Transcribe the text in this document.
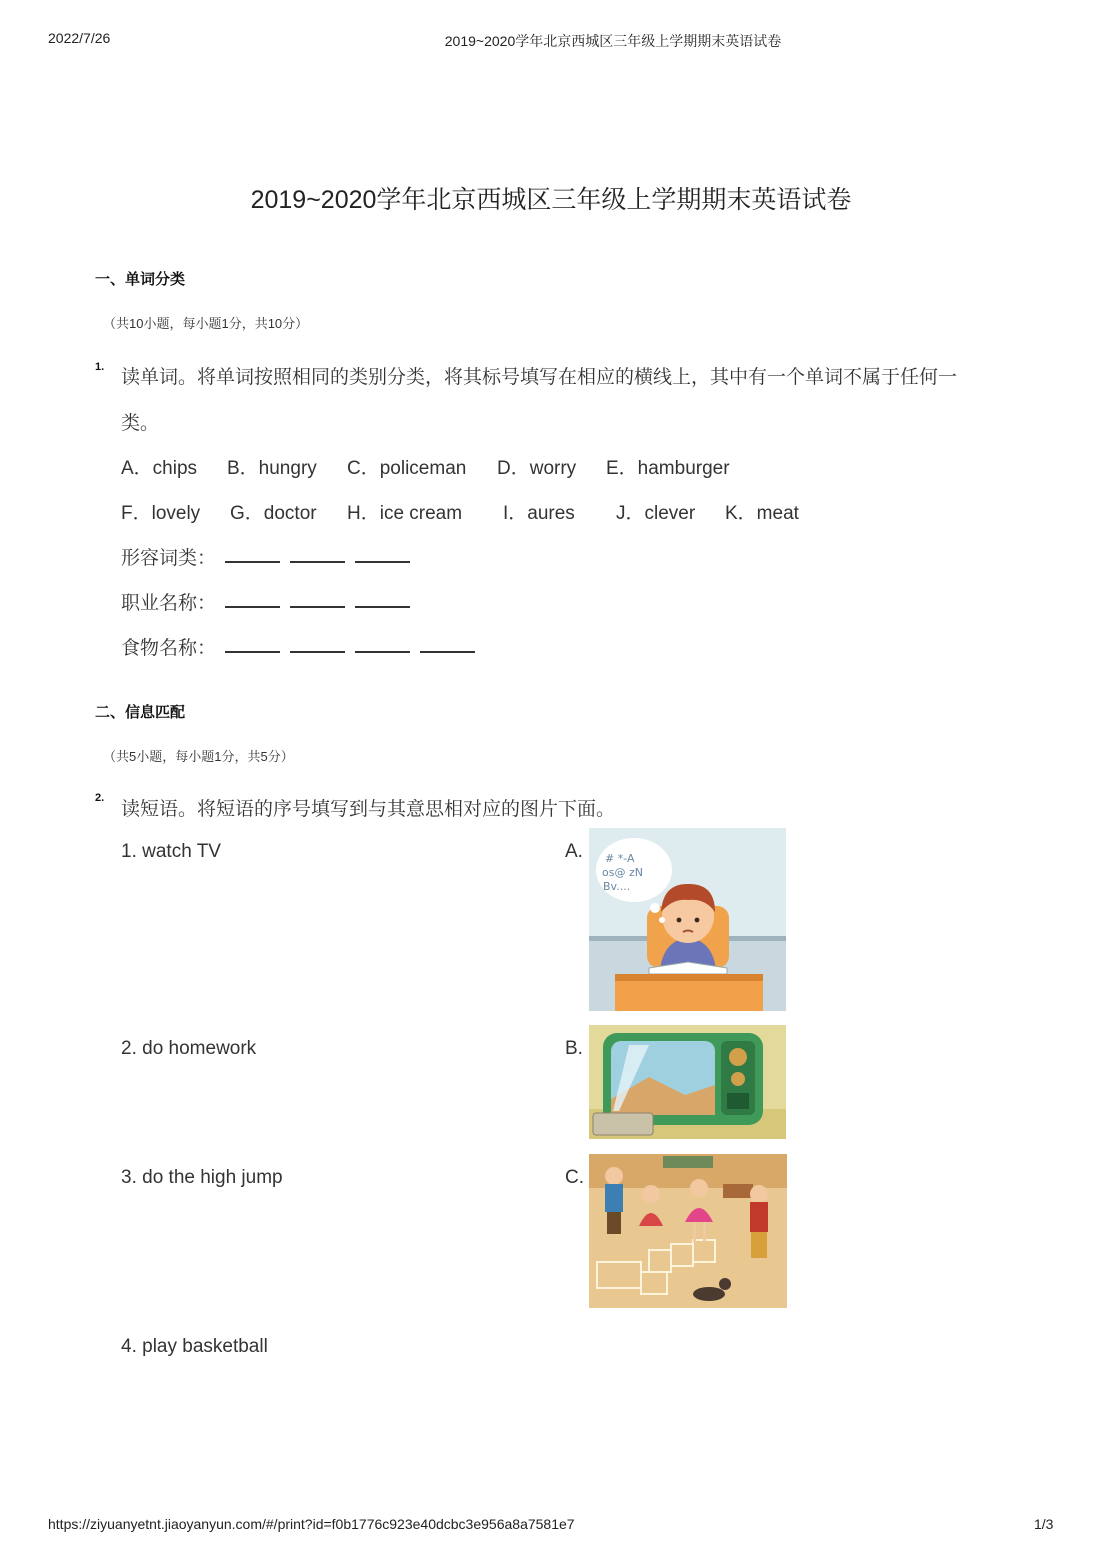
2022/7/26	2019~2020学年北京西城区三年级上学期期末英语试卷
2019~2020学年北京西城区三年级上学期期末英语试卷
一、单词分类
（共10小题，每小题1分，共10分）
1. 读单词。将单词按照相同的类别分类，将其标号填写在相应的横线上，其中有一个单词不属于任何一
类。
A．chips B．hungry C．policeman D．worry E．hamburger
F．lovely G．doctor H．ice cream I．aures J．clever K．meat
形容词类：
职业名称：
食物名称：
二、信息匹配
（共5小题，每小题1分，共5分）
2.
读短语。将短语的序号填写到与其意思相对应的图片下面。
1. watch TV
2. do homework
3. do the high jump
4. play basketball
A.
B.
C.
# *-A
os@ zN
Bv....
https://ziyuanyetnt.jiaoyanyun.com/#/print?id=f0b1776c923e40dcbc3e956a8a7581e7	1/3
